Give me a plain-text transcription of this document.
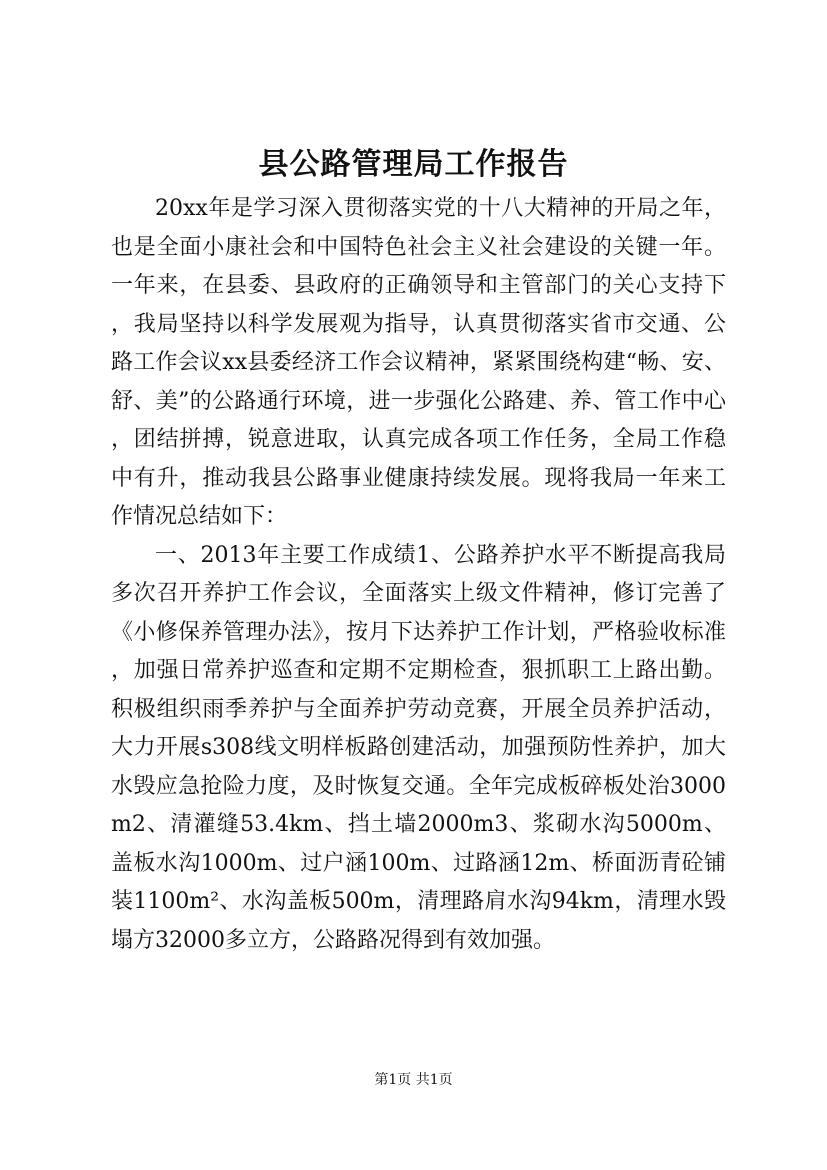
县公路管理局工作报告

20xx年是学习深入贯彻落实党的十八大精神的开局之年，也是全面小康社会和中国特色社会主义社会建设的关键一年。一年来，在县委、县政府的正确领导和主管部门的关心支持下，我局坚持以科学发展观为指导，认真贯彻落实省市交通、公路工作会议xx县委经济工作会议精神，紧紧围绕构建“畅、安、舒、美”的公路通行环境，进一步强化公路建、养、管工作中心，团结拼搏，锐意进取，认真完成各项工作任务，全局工作稳中有升，推动我县公路事业健康持续发展。现将我局一年来工作情况总结如下：

一、2013年主要工作成绩1、公路养护水平不断提高我局多次召开养护工作会议，全面落实上级文件精神，修订完善了《小修保养管理办法》，按月下达养护工作计划，严格验收标准，加强日常养护巡查和定期不定期检查，狠抓职工上路出勤。积极组织雨季养护与全面养护劳动竞赛，开展全员养护活动，大力开展s308线文明样板路创建活动，加强预防性养护，加大水毁应急抢险力度，及时恢复交通。全年完成板碎板处治3000m2、清灌缝53.4km、挡土墙2000m3、浆砌水沟5000m、盖板水沟1000m、过户涵100m、过路涵12m、桥面沥青砼铺装1100m²、水沟盖板500m，清理路肩水沟94km，清理水毁塌方32000多立方，公路路况得到有效加强。

第1页 共1页
